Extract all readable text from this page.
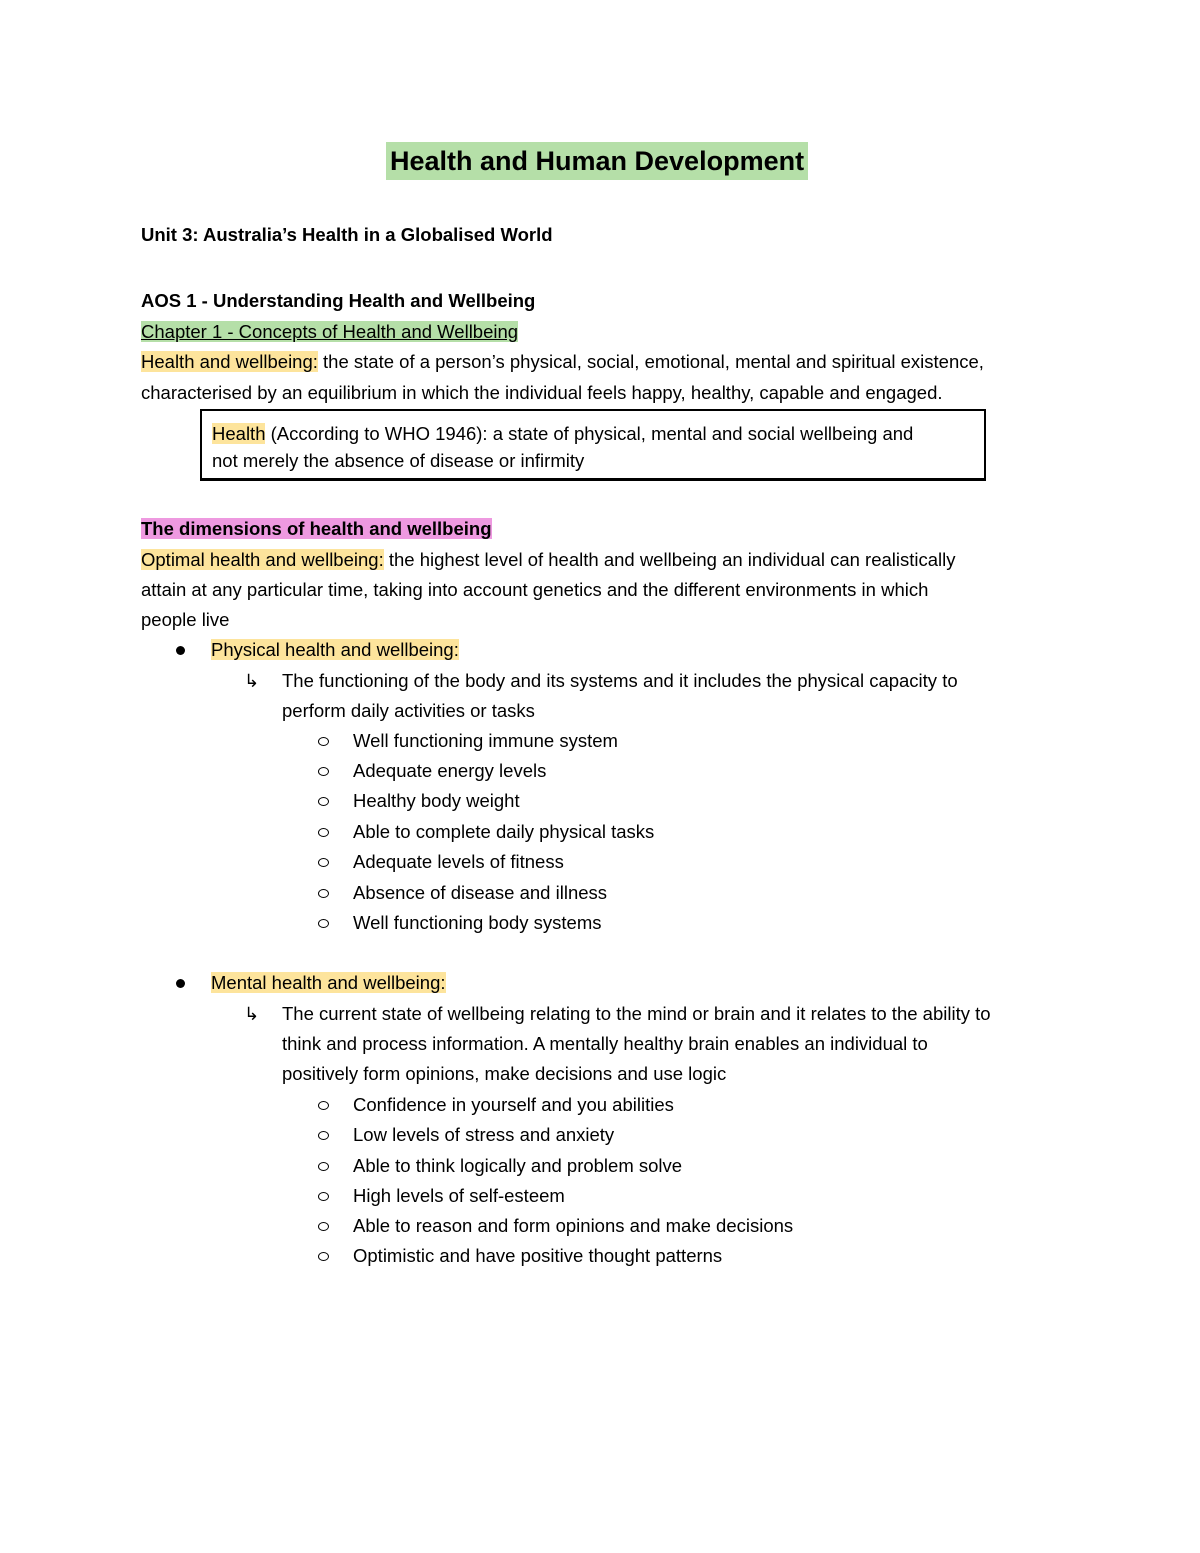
Health and Human Development
Unit 3: Australia’s Health in a Globalised World
AOS 1 - Understanding Health and Wellbeing
Chapter 1 - Concepts of Health and Wellbeing
Health and wellbeing: the state of a person’s physical, social, emotional, mental and spiritual existence,
characterised by an equilibrium in which the individual feels happy, healthy, capable and engaged.
Health (According to WHO 1946): a state of physical, mental and social wellbeing and
not merely the absence of disease or infirmity
The dimensions of health and wellbeing
Optimal health and wellbeing: the highest level of health and wellbeing an individual can realistically
attain at any particular time, taking into account genetics and the different environments in which
people live
Physical health and wellbeing:
↳ The functioning of the body and its systems and it includes the physical capacity to
perform daily activities or tasks
Well functioning immune system
Adequate energy levels
Healthy body weight
Able to complete daily physical tasks
Adequate levels of fitness
Absence of disease and illness
Well functioning body systems
Mental health and wellbeing:
↳ The current state of wellbeing relating to the mind or brain and it relates to the ability to
think and process information. A mentally healthy brain enables an individual to
positively form opinions, make decisions and use logic
Confidence in yourself and you abilities
Low levels of stress and anxiety
Able to think logically and problem solve
High levels of self-esteem
Able to reason and form opinions and make decisions
Optimistic and have positive thought patterns
